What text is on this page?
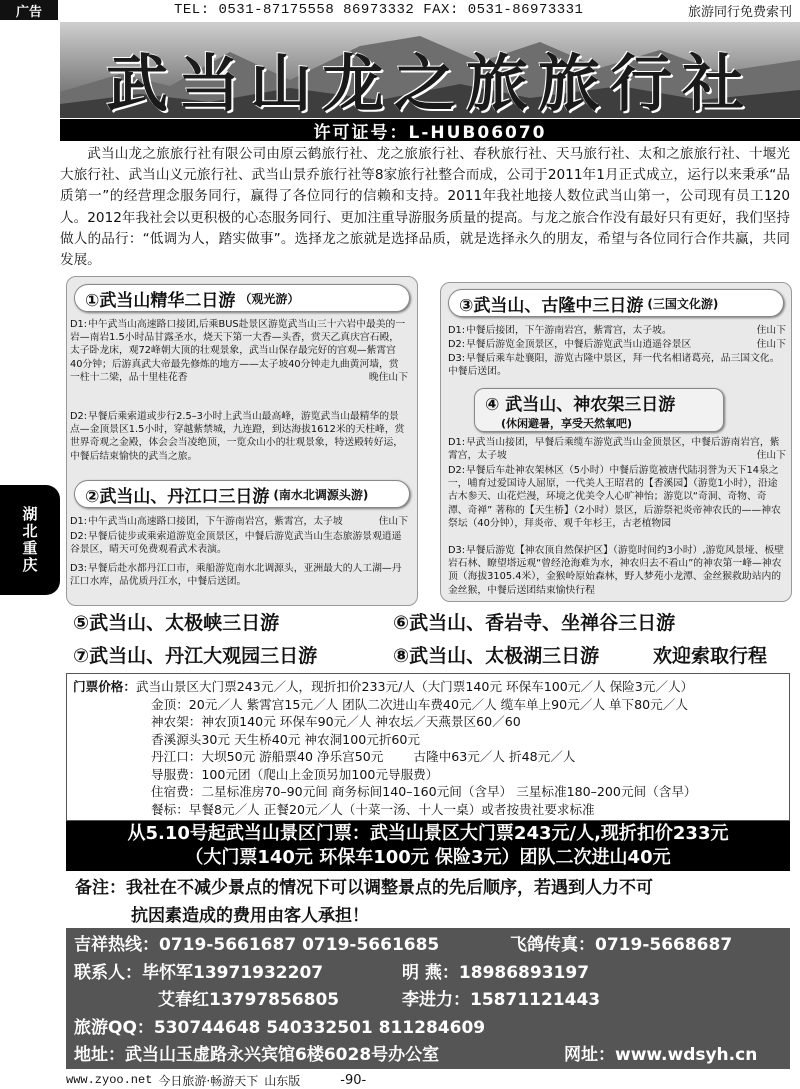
广告	TEL: 0531-87175558 86973332 FAX: 0531-86973331	旅游同行免费索刊
武当山龙之旅旅行社
许可证号：L-HUB06070

武当山龙之旅旅行社有限公司由原云鹤旅行社、龙之旅旅行社、春秋旅行社、天马旅行社、太和之旅旅行社、十堰光大旅行社、武当山义元旅行社、武当山景乔旅行社等8家旅行社整合而成，公司于2011年1月正式成立，运行以来秉承“品质第一”的经营理念服务同行，赢得了各位同行的信赖和支持。2011年我社地接人数位武当山第一，公司现有员工120人。2012年我社会以更积极的心态服务同行、更加注重导游服务质量的提高。与龙之旅合作没有最好只有更好，我们坚持做人的品行：“低调为人，踏实做事”。选择龙之旅就是选择品质，就是选择永久的朋友，希望与各位同行合作共赢，共同发展。

湖北重庆
①武当山精华二日游 （观光游）
D1:中午武当山高速路口接团,后乘BUS赴景区游览武当山三十六岩中最美的一岩—南岩1.5小时品甘露圣水，烧天下第一大香—头香，赏天乙真庆宫石殿，太子卧龙床，观72峰朝大顶的壮观景象，武当山保存最完好的宫观—紫霄宫40分钟；后游真武大帝最先修炼的地方——太子坡40分钟走九曲黄河墙，赏一柱十二梁，品十里桂花香	晚住山下
D2:早餐后乘索道或步行2.5–3小时上武当山最高峰，游览武当山最精华的景点—金顶景区1.5小时，穿越紫禁城，九连蹬，到达海拔1612米的天柱峰，赏世界奇观之金殿，体会会当凌绝顶，一览众山小的壮观景象，特送殿转好运，中餐后结束愉快的武当之旅。
②武当山、丹江口三日游 (南水北调源头游)
D1:中午武当山高速路口接团，下午游南岩宫，紫霄宫，太子坡	住山下
D2:早餐后徒步或乘索道游览金顶景区，中餐后游览武当山生态旅游景观逍遥谷景区，晴天可免费观看武术表演。
D3:早餐后赴水都丹江口市，乘船游览南水北调源头，亚洲最大的人工湖—丹江口水库，品优质丹江水，中餐后送团。
③武当山、古隆中三日游 (三国文化游)
D1:中餐后接团，下午游南岩宫，紫霄宫，太子坡。	住山下
D2:早餐后游览金顶景区，中餐后游览武当山逍遥谷景区	住山下
D3:早餐后乘车赴襄阳，游览古隆中景区，拜一代名相诸葛亮，品三国文化。中餐后送团。
④ 武当山、神农架三日游
(休闲避暑，享受天然氧吧)
D1:早武当山接团，早餐后乘缆车游览武当山金顶景区，中餐后游南岩宫，紫霄宫，太子坡	住山下
D2:早餐后车赴神农架林区（5小时）中餐后游览被唐代陆羽誉为天下14泉之一，哺育过爱国诗人屈原，一代美人王昭君的【香溪园】（游览1小时），沿途古木参天、山花烂漫，环境之优美令人心旷神怡；游览以“奇洞、奇物、奇潭、奇禅” 著称的【天生桥】（2小时）景区，后游祭祀炎帝神农氏的——神农祭坛（40分钟），拜炎帝、观千年杉王，古老植物园
D3:早餐后游览【神农顶自然保护区】（游览时间约3小时）,游览风景垭、板壁岩石林、瞭望塔远观“曾经沧海难为水，神农归去不看山”的神农第一峰—神农顶（海拔3105.4米），金猴岭原始森林，野人梦苑小龙潭、金丝猴救助站内的金丝猴，中餐后送团结束愉快行程
⑤武当山、太极峡三日游	⑥武当山、香岩寺、坐禅谷三日游
⑦武当山、丹江大观园三日游	⑧武当山、太极湖三日游	欢迎索取行程
门票价格：武当山景区大门票243元／人，现折扣价233元/人（大门票140元 环保车100元／人 保险3元／人）
金顶：20元／人 紫霄宫15元／人 团队二次进山车费40元／人 缆车单上90元／人 单下80元／人
神农架：神农顶140元 环保车90元／人 神农坛／天燕景区60／60
香溪源头30元 天生桥40元 神农洞100元折60元
丹江口：大坝50元 游船票40 净乐宫50元 古隆中63元／人 折48元／人
导服费：100元团（爬山上金顶另加100元导服费）
住宿费：二星标准房70–90元间 商务标间140–160元间（含早） 三星标准180–200元间（含早）
餐标：早餐8元／人 正餐20元／人（十菜一汤、十人一桌）或者按贵社要求标准
从5.10号起武当山景区门票：武当山景区大门票243元/人,现折扣价233元
（大门票140元 环保车100元 保险3元）团队二次进山40元
备注：我社在不减少景点的情况下可以调整景点的先后顺序，若遇到人力不可
抗因素造成的费用由客人承担！
吉祥热线：0719-5661687 0719-5661685	飞鸽传真：0719-5668687
联系人：毕怀军13971932207	明 燕：18986893197
艾春红13797856805	李进力：15871121443
旅游QQ：530744648 540332501 811284609
地址：武当山玉虚路永兴宾馆6楼6028号办公室	网址：www.wdsyh.cn
www.zyoo.net 今日旅游·畅游天下 山东版	-90-
